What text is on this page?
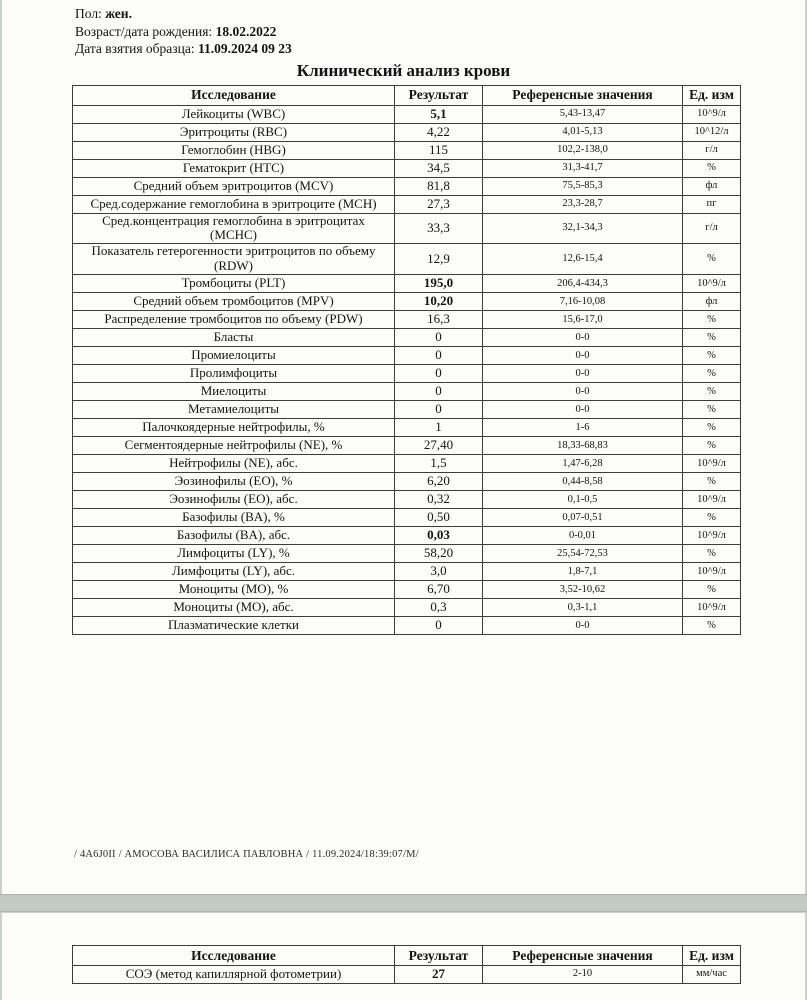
Пол: жен.
Возраст/дата рождения: 18.02.2022
Дата взятия образца: 11.09.2024 09 23
Клинический анализ крови
Исследование	Результат	Референсные значения	Ед. изм
Лейкоциты (WBC)	5,1	5,43-13,47	10^9/л
Эритроциты (RBC)	4,22	4,01-5,13	10^12/л
Гемоглобин (HBG)	115	102,2-138,0	г/л
Гематокрит (HTC)	34,5	31,3-41,7	%
Средний объем эритроцитов (MCV)	81,8	75,5-85,3	фл
Сред.содержание гемоглобина в эритроците (MCH)	27,3	23,3-28,7	пг
Сред.концентрация гемоглобина в эритроцитах (MCHC)	33,3	32,1-34,3	г/л
Показатель гетерогенности эритроцитов по объему (RDW)	12,9	12,6-15,4	%
Тромбоциты (PLT)	195,0	206,4-434,3	10^9/л
Средний объем тромбоцитов (MPV)	10,20	7,16-10,08	фл
Распределение тромбоцитов по объему (PDW)	16,3	15,6-17,0	%
Бласты	0	0-0	%
Промиелоциты	0	0-0	%
Пролимфоциты	0	0-0	%
Миелоциты	0	0-0	%
Метамиелоциты	0	0-0	%
Палочкоядерные нейтрофилы, %	1	1-6	%
Сегментоядерные нейтрофилы (NE), %	27,40	18,33-68,83	%
Нейтрофилы (NE), абс.	1,5	1,47-6,28	10^9/л
Эозинофилы (EO), %	6,20	0,44-8,58	%
Эозинофилы (EO), абс.	0,32	0,1-0,5	10^9/л
Базофилы (BA), %	0,50	0,07-0,51	%
Базофилы (BA), абс.	0,03	0-0,01	10^9/л
Лимфоциты (LY), %	58,20	25,54-72,53	%
Лимфоциты (LY), абс.	3,0	1,8-7,1	10^9/л
Моноциты (MO), %	6,70	3,52-10,62	%
Моноциты (MO), абс.	0,3	0,3-1,1	10^9/л
Плазматические клетки	0	0-0	%
/ 4А6J0II / АМОСОВА ВАСИЛИСА ПАВЛОВНА / 11.09.2024/18:39:07/М/
Исследование	Результат	Референсные значения	Ед. изм
СОЭ (метод капиллярной фотометрии)	27	2-10	мм/час
